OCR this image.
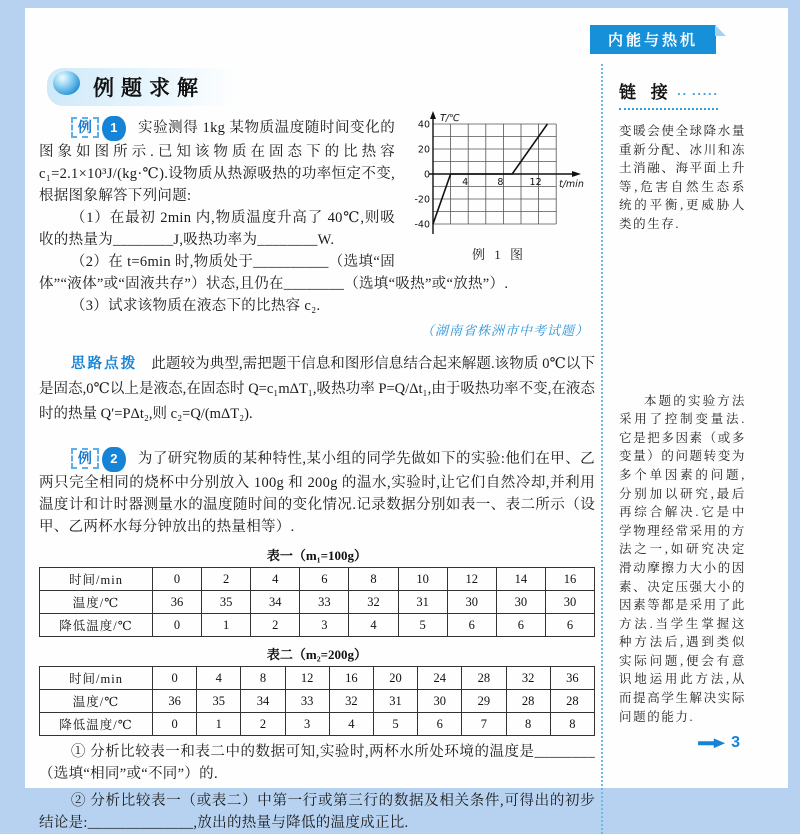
内能与热机
例题求解
40
20
0
-20
-40
4	8	12
T/℃
t/min
例 1 图

例 1 实验测得 1kg 某物质温度随时间变化的图象如图所示.已知该物质在固态下的比热容 c₁=2.1×10³J/(kg·℃).设物质从热源吸热的功率恒定不变,根据图象解答下列问题:

（1）在最初 2min 内,物质温度升高了 40℃,则吸收的热量为________J,吸热功率为________W.

（2）在 t=6min 时,物质处于__________（选填“固体”“液体”或“固液共存”）状态,且仍在________（选填“吸热”或“放热”）.

（3）试求该物质在液态下的比热容 c₂.

（湖南省株洲市中考试题）

思路点拨 此题较为典型,需把题干信息和图形信息结合起来解题.该物质 0℃以下是固态,0℃以上是液态,在固态时 Q=c₁mΔT₁,吸热功率 P=Q/Δt₁,由于吸热功率不变,在液态时的热量 Q′=PΔt₂,则 c₂=Q/(mΔT₂).

例 2 为了研究物质的某种特性,某小组的同学先做如下的实验:他们在甲、乙两只完全相同的烧杯中分别放入 100g 和 200g 的温水,实验时,让它们自然冷却,并利用温度计和计时器测量水的温度随时间的变化情况.记录数据分别如表一、表二所示（设甲、乙两杯水每分钟放出的热量相等）.

表一（m₁=100g）
时间/min	0	2	4	6	8	10	12	14	16
温度/℃	36	35	34	33	32	31	30	30	30
降低温度/℃	0	1	2	3	4	5	6	6	6
表二（m₂=200g）
时间/min	0	4	8	12	16	20	24	28	32	36
温度/℃	36	35	34	33	32	31	30	29	28	28
降低温度/℃	0	1	2	3	4	5	6	7	8	8

① 分析比较表一和表二中的数据可知,实验时,两杯水所处环境的温度是________（选填“相同”或“不同”）的.

② 分析比较表一（或表二）中第一行或第三行的数据及相关条件,可得出的初步结论是:______________,放出的热量与降低的温度成正比.

链 接 ·· ·····

变暖会使全球降水量重新分配、冰川和冻土消融、海平面上升等,危害自然生态系统的平衡,更威胁人类的生存.

本题的实验方法采用了控制变量法.它是把多因素（或多变量）的问题转变为多个单因素的问题,分别加以研究,最后再综合解决.它是中学物理经常采用的方法之一,如研究决定滑动摩擦力大小的因素、决定压强大小的因素等都是采用了此方法.当学生掌握这种方法后,遇到类似实际问题,便会有意识地运用此方法,从而提高学生解决实际问题的能力.

3
